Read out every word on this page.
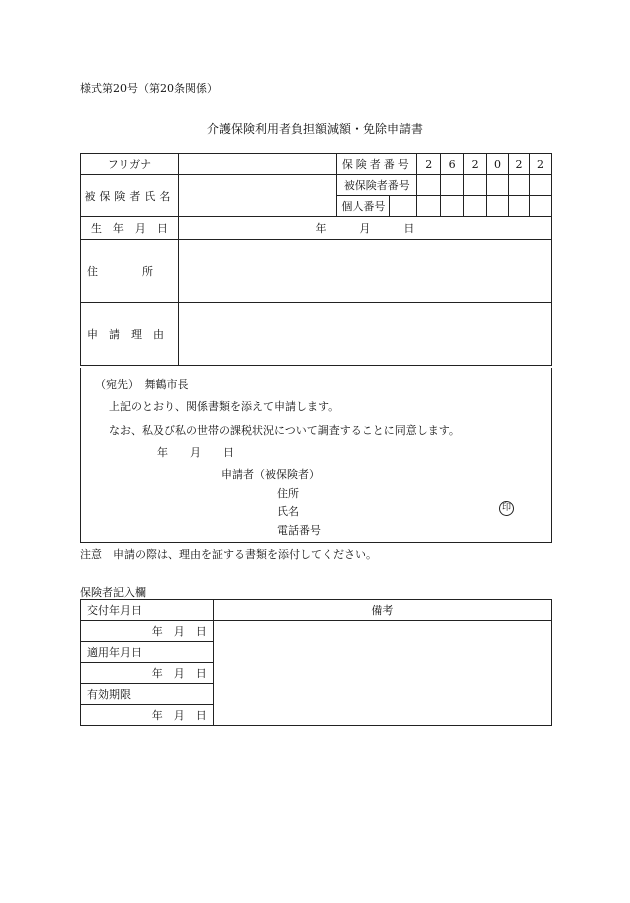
様式第20号（第20条関係）
介護保険利用者負担額減額・免除申請書
フリガナ		保険者番号		2	6	2	0	2	2
被保険者氏名		被保険者番号							
		個人番号							
生　年　月　日	年　　　月　　　日								
住　　　　所									
申　請　理　由									
（宛先）　舞鶴市長
上記のとおり、関係書類を添えて申請します。
なお、私及び私の世帯の課税状況について調査することに同意します。
年　　月　　日
申請者（被保険者）
住所
氏名	印
電話番号
注意　申請の際は、理由を証する書類を添付してください。
保険者記入欄
交付年月日	備考
年　月　日	
適用年月日	
年　月　日	
有効期限	
年　月　日	
